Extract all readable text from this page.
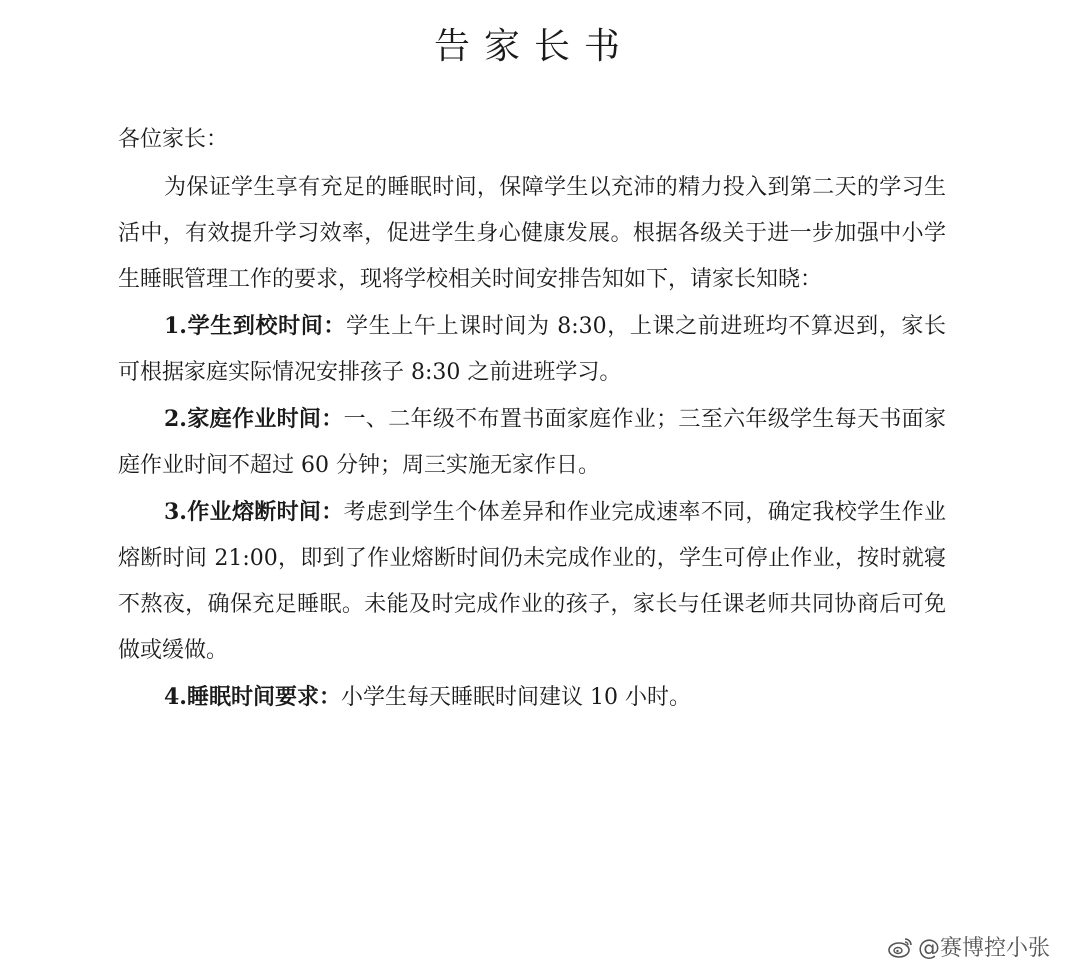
告家长书

各位家长：

为保证学生享有充足的睡眠时间，保障学生以充沛的精力投入到第二天的学习生活中，有效提升学习效率，促进学生身心健康发展。根据各级关于进一步加强中小学生睡眠管理工作的要求，现将学校相关时间安排告知如下，请家长知晓：

1.学生到校时间：学生上午上课时间为 8:30，上课之前进班均不算迟到，家长可根据家庭实际情况安排孩子 8:30 之前进班学习。

2.家庭作业时间：一、二年级不布置书面家庭作业；三至六年级学生每天书面家庭作业时间不超过 60 分钟；周三实施无家作日。

3.作业熔断时间：考虑到学生个体差异和作业完成速率不同，确定我校学生作业熔断时间 21:00，即到了作业熔断时间仍未完成作业的，学生可停止作业，按时就寝不熬夜，确保充足睡眠。未能及时完成作业的孩子，家长与任课老师共同协商后可免做或缓做。

4.睡眠时间要求：小学生每天睡眠时间建议 10 小时。

@赛博控小张
